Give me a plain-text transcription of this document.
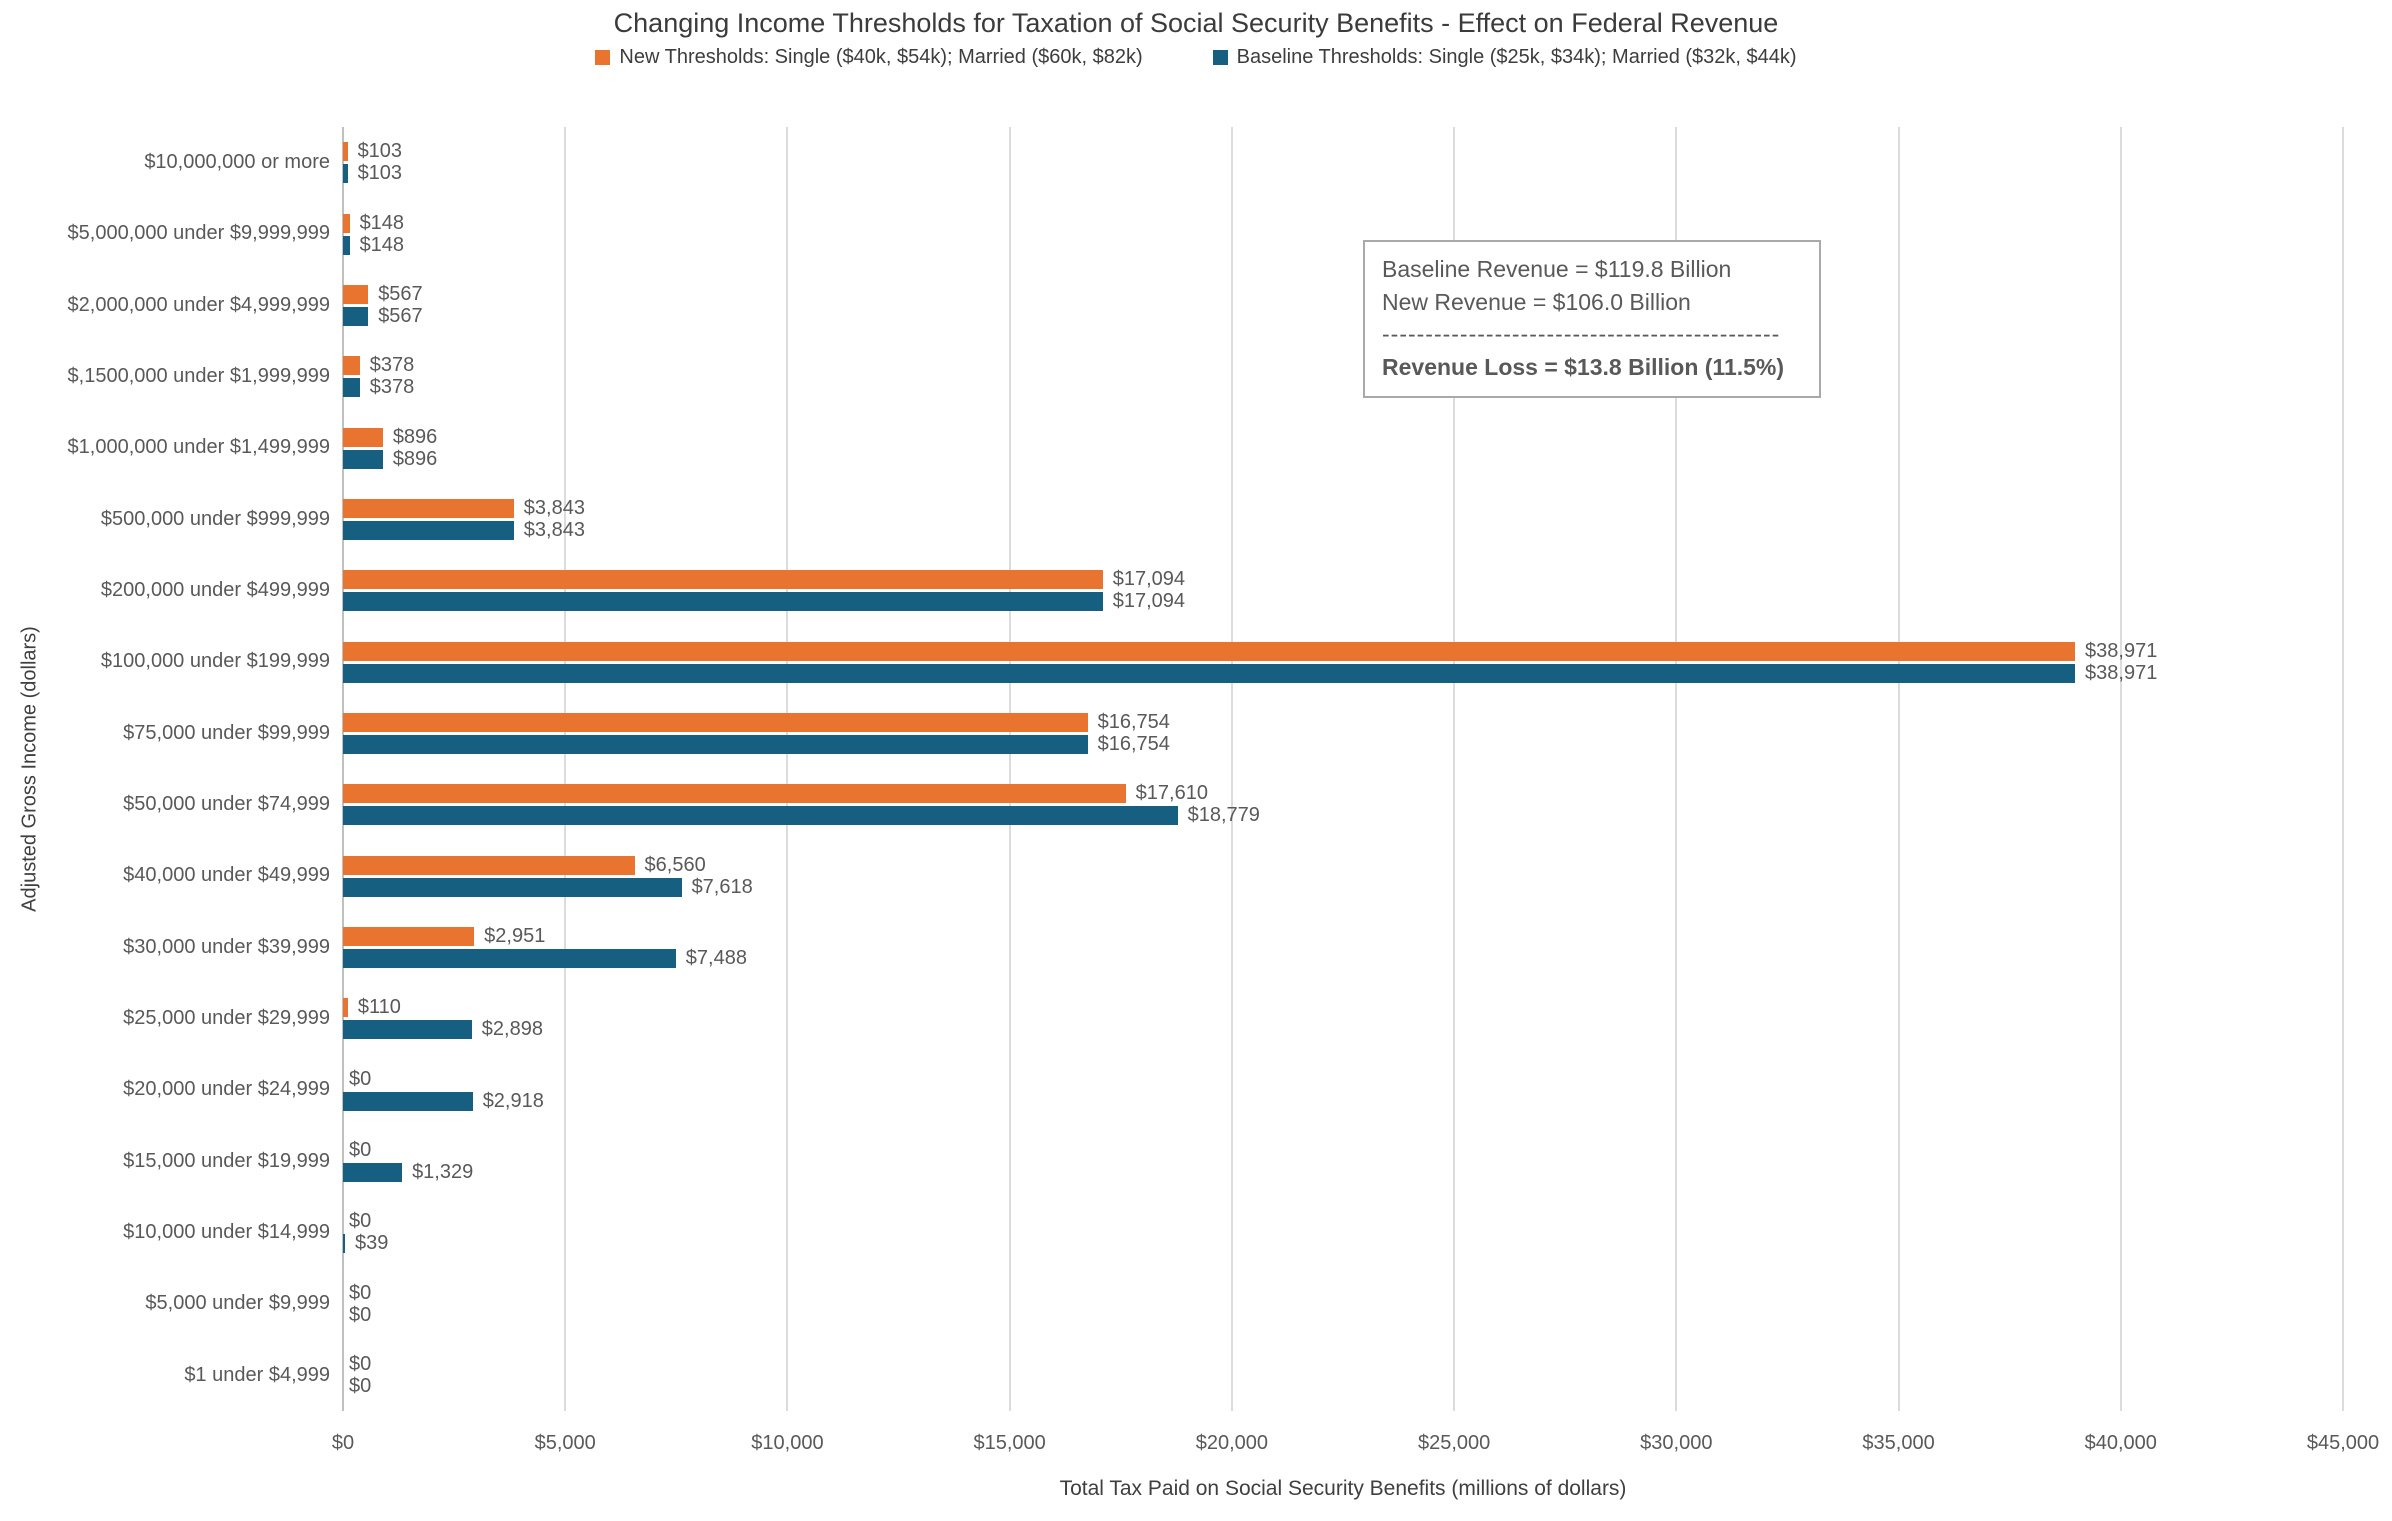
Changing Income Thresholds for Taxation of Social Security Benefits - Effect on Federal Revenue
New Thresholds: Single ($40k, $54k); Married ($60k, $82k)	Baseline Thresholds: Single ($25k, $34k); Married ($32k, $44k)
Adjusted Gross Income (dollars)
$10,000,000 or more
$5,000,000 under $9,999,999
$2,000,000 under $4,999,999
$,1500,000 under $1,999,999
$1,000,000 under $1,499,999
$500,000 under $999,999
$200,000 under $499,999
$100,000 under $199,999
$75,000 under $99,999
$50,000 under $74,999
$40,000 under $49,999
$30,000 under $39,999
$25,000 under $29,999
$20,000 under $24,999
$15,000 under $19,999
$10,000 under $14,999
$5,000 under $9,999
$1 under $4,999
$103
$103
$148
$148
$567
$567
$378
$378
$896
$896
$3,843
$3,843
$17,094
$17,094
$38,971
$38,971
$16,754
$16,754
$17,610
$18,779
$6,560
$7,618
$2,951
$7,488
$110
$2,898
$0
$2,918
$0
$1,329
$0
$39
$0
$0
$0
$0
Baseline Revenue = $119.8 Billion
New Revenue = $106.0 Billion
----------------------------------------------
Revenue Loss = $13.8 Billion (11.5%)
$0	$5,000	$10,000	$15,000	$20,000	$25,000	$30,000	$35,000	$40,000	$45,000
Total Tax Paid on Social Security Benefits (millions of dollars)
